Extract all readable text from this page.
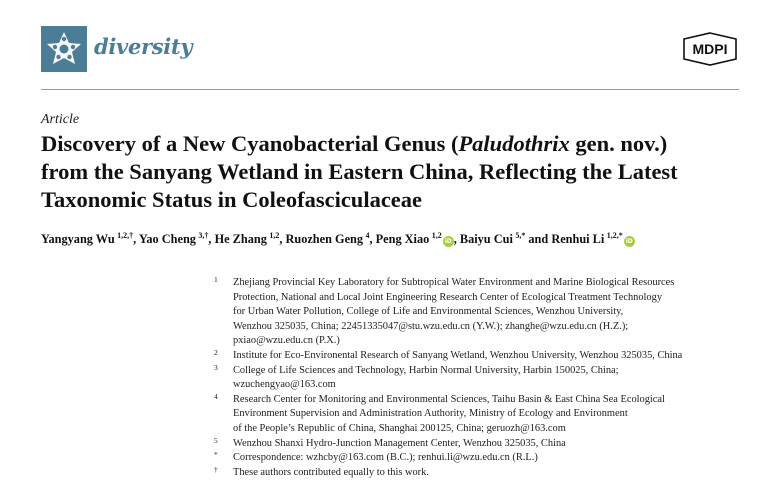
diversity	MDPI
Article
Discovery of a New Cyanobacterial Genus (Paludothrix gen. nov.)
from the Sanyang Wetland in Eastern China, Reflecting the Latest
Taxonomic Status in Coleofasciculaceae
Yangyang Wu  $^{1,2,\dagger}$, Yao Cheng  $^{3,\dagger}$, He Zhang  $^{1,2}$, Ruozhen Geng  $^4$, Peng Xiao  $^{1,2}$iD , Baiyu Cui  $^{5,*}$ and Renhui Li  $^{1,2,*}$iD
1 Zhejiang Provincial Key Laboratory for Subtropical Water Environment and Marine Biological Resources
Protection, National and Local Joint Engineering Research Center of Ecological Treatment Technology
for Urban Water Pollution, College of Life and Environmental Sciences, Wenzhou University,
Wenzhou 325035, China; 22451335047@stu.wzu.edu.cn (Y.W.); zhanghe@wzu.edu.cn (H.Z.);
pxiao@wzu.edu.cn (P.X.)
2 Institute for Eco-Environental Research of Sanyang Wetland, Wenzhou University, Wenzhou 325035, China
3 College of Life Sciences and Technology, Harbin Normal University, Harbin 150025, China;
wzuchengyao@163.com
4 Research Center for Monitoring and Environmental Sciences, Taihu Basin & East China Sea Ecological
Environment Supervision and Administration Authority, Ministry of Ecology and Environment
of the People’s Republic of China, Shanghai 200125, China; geruozh@163.com
5 Wenzhou Shanxi Hydro-Junction Management Center, Wenzhou 325035, China
* Correspondence: wzhcby@163.com (B.C.); renhui.li@wzu.edu.cn (R.L.)
† These authors contributed equally to this work.
